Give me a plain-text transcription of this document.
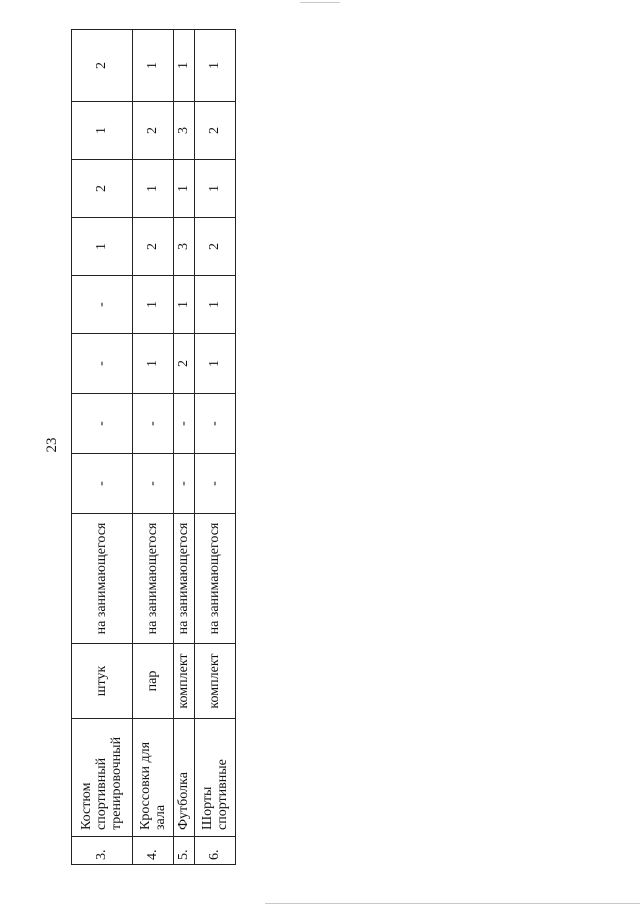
23
3.	Костюм спортивный тренировочный	штук	на занимающегося	-	-	-	-	1	2	1	2
4.	Кроссовки для зала	пар	на занимающегося	-	-	1	1	2	1	2	1
5.	Футболка	комплект	на занимающегося	-	-	2	1	3	1	3	1
6.	Шорты спортивные	комплект	на занимающегося	-	-	1	1	2	1	2	1
